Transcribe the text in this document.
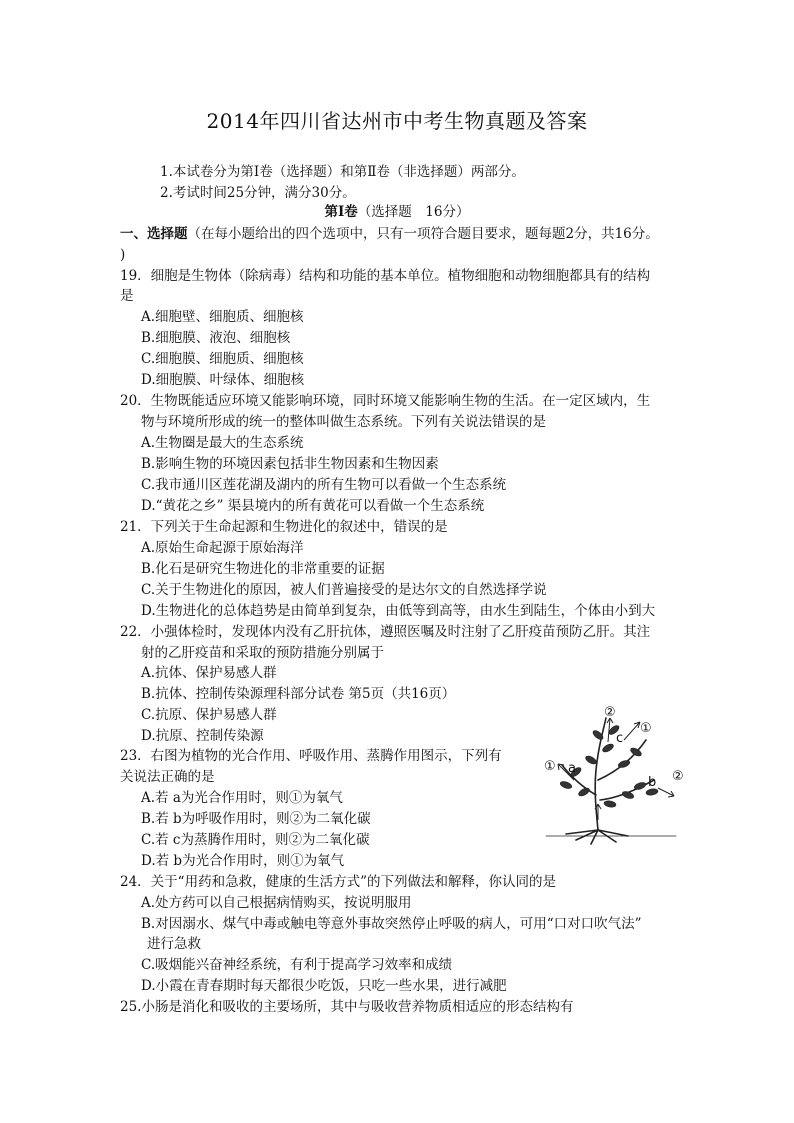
2014年四川省达州市中考生物真题及答案
1.本试卷分为第Ⅰ卷（选择题）和第Ⅱ卷（非选择题）两部分。
2.考试时间25分钟，满分30分。
第Ⅰ卷（选择题　16分）
一、选择题（在每小题给出的四个选项中，只有一项符合题目要求，题每题2分，共16分。
)
19．细胞是生物体（除病毒）结构和功能的基本单位。植物细胞和动物细胞都具有的结构
是
A.细胞壁、细胞质、细胞核
B.细胞膜、液泡、细胞核
C.细胞膜、细胞质、细胞核
D.细胞膜、叶绿体、细胞核
20．生物既能适应环境又能影响环境，同时环境又能影响生物的生活。在一定区域内，生
物与环境所形成的统一的整体叫做生态系统。下列有关说法错误的是
A.生物圈是最大的生态系统
B.影响生物的环境因素包括非生物因素和生物因素
C.我市通川区莲花湖及湖内的所有生物可以看做一个生态系统
D.“黄花之乡” 渠县境内的所有黄花可以看做一个生态系统
21．下列关于生命起源和生物进化的叙述中，错误的是
A.原始生命起源于原始海洋
B.化石是研究生物进化的非常重要的证据
C.关于生物进化的原因，被人们普遍接受的是达尔文的自然选择学说
D.生物进化的总体趋势是由简单到复杂，由低等到高等，由水生到陆生，个体由小到大
22．小强体检时，发现体内没有乙肝抗体，遵照医嘱及时注射了乙肝疫苗预防乙肝。其注
射的乙肝疫苗和采取的预防措施分别属于
A.抗体、保护易感人群
B.抗体、控制传染源理科部分试卷 第5页（共16页）
C.抗原、保护易感人群
D.抗原、控制传染源
23．右图为植物的光合作用、呼吸作用、蒸腾作用图示，下列有
关说法正确的是
A.若 a为光合作用时，则①为氧气
B.若 b为呼吸作用时，则②为二氧化碳
C.若 c为蒸腾作用时，则②为二氧化碳
D.若 b为光合作用时，则①为氧气
24．关于“用药和急救，健康的生活方式”的下列做法和解释，你认同的是
A.处方药可以自己根据病情购买，按说明服用
B.对因溺水、煤气中毒或触电等意外事故突然停止呼吸的病人，可用“口对口吹气法”
进行急救
C.吸烟能兴奋神经系统，有利于提高学习效率和成绩
D.小霞在青春期时每天都很少吃饭，只吃一些水果，进行减肥
25.小肠是消化和吸收的主要场所，其中与吸收营养物质相适应的形态结构有
① a
②
c
①
b ②
